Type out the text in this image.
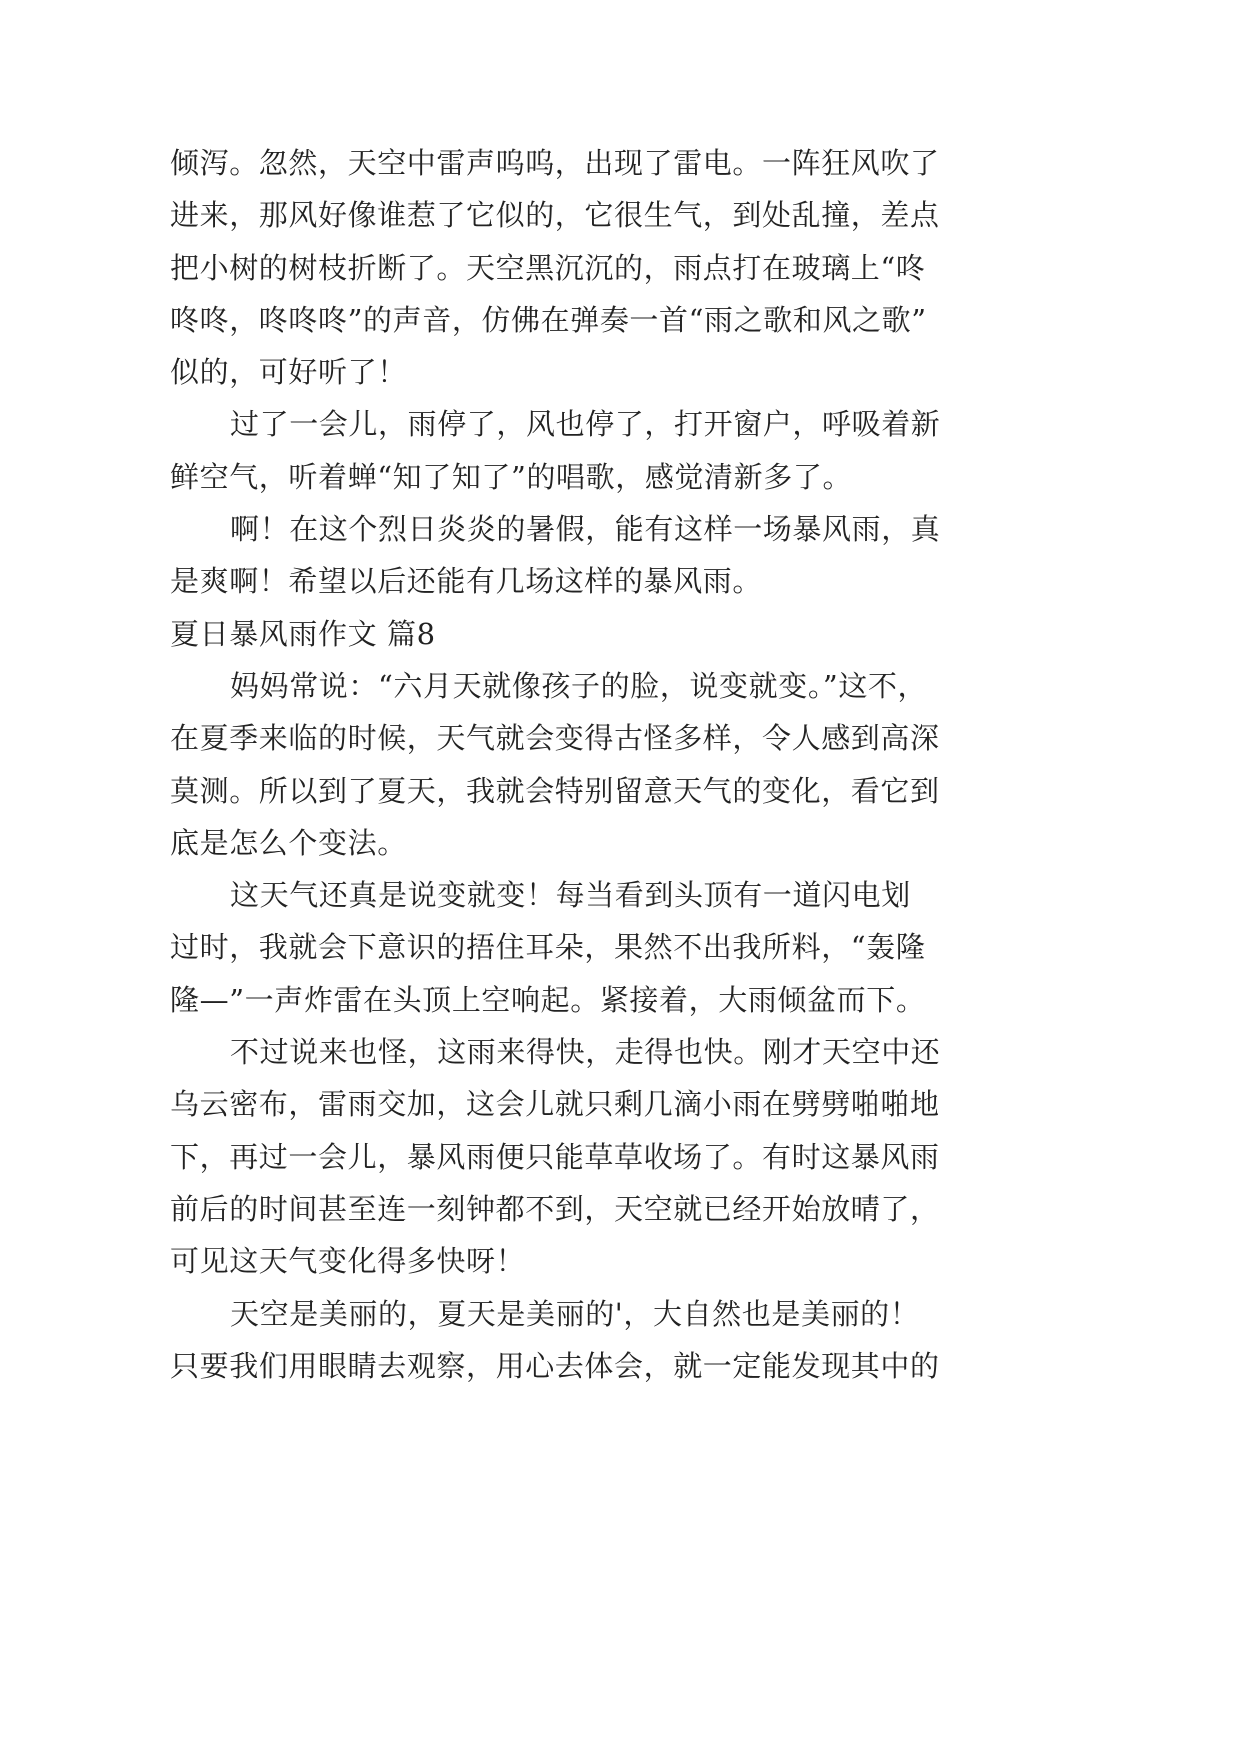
倾泻。忽然，天空中雷声呜呜，出现了雷电。一阵狂风吹了
进来，那风好像谁惹了它似的，它很生气，到处乱撞，差点
把小树的树枝折断了。天空黑沉沉的，雨点打在玻璃上“咚
咚咚，咚咚咚”的声音，仿佛在弹奏一首“雨之歌和风之歌”
似的，可好听了！
过了一会儿，雨停了，风也停了，打开窗户，呼吸着新
鲜空气，听着蝉“知了知了”的唱歌，感觉清新多了。
啊！在这个烈日炎炎的暑假，能有这样一场暴风雨，真
是爽啊！希望以后还能有几场这样的暴风雨。
夏日暴风雨作文 篇8
妈妈常说：“六月天就像孩子的脸，说变就变。”这不，
在夏季来临的时候，天气就会变得古怪多样，令人感到高深
莫测。所以到了夏天，我就会特别留意天气的变化，看它到
底是怎么个变法。
这天气还真是说变就变！每当看到头顶有一道闪电划
过时，我就会下意识的捂住耳朵，果然不出我所料，“轰隆
隆—”一声炸雷在头顶上空响起。紧接着，大雨倾盆而下。
不过说来也怪，这雨来得快，走得也快。刚才天空中还
乌云密布，雷雨交加，这会儿就只剩几滴小雨在劈劈啪啪地
下，再过一会儿，暴风雨便只能草草收场了。有时这暴风雨
前后的时间甚至连一刻钟都不到，天空就已经开始放晴了，
可见这天气变化得多快呀！
天空是美丽的，夏天是美丽的'，大自然也是美丽的！
只要我们用眼睛去观察，用心去体会，就一定能发现其中的
